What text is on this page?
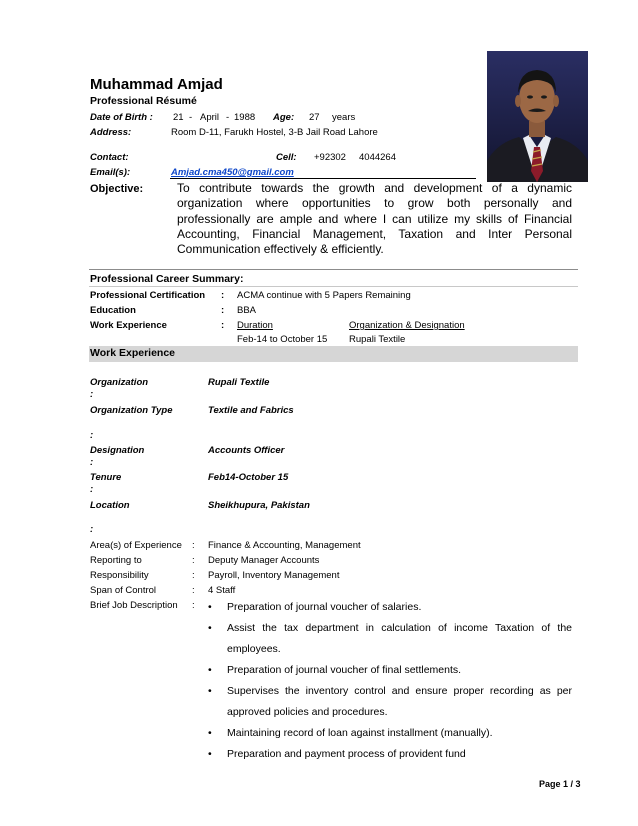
Muhammad Amjad
Professional Résumé
Date of Birth : 21 - April - 1988 Age: 27 years
Address:	Room D-11, Farukh Hostel, 3-B Jail Road Lahore
Contact:	Cell: +92302 4044264
Email(s):	Amjad.cma450@gmail.com
Objective:	To contribute towards the growth and development of a dynamic organization where opportunities to grow both personally and professionally are ample and where I can utilize my skills of Financial Accounting, Financial Management, Taxation and Inter Personal Communication effectively & efficiently.
Professional Career Summary:
Professional Certification : ACMA continue with 5 Papers Remaining
Education	: BBA
Work Experience	: Duration	Organization & Designation
Feb-14 to October 15 Rupali Textile
Work Experience
Organization	Rupali Textile
:
Organization Type	Textile and Fabrics
:
Designation	Accounts Officer
:
Tenure	Feb14-October 15
:
Location	Sheikhupura, Pakistan
:
Area(s) of Experience : Finance & Accounting, Management
Reporting to	: Deputy Manager Accounts
Responsibility	: Payroll, Inventory Management
Span of Control	: 4 Staff
Brief Job Description : • Preparation of journal voucher of salaries.
• Assist the tax department in calculation of income Taxation of the employees.
• Preparation of journal voucher of final settlements.
• Supervises the inventory control and ensure proper recording as per approved policies and procedures.
• Maintaining record of loan against installment (manually).
• Preparation and payment process of provident fund
Page 1 / 3
